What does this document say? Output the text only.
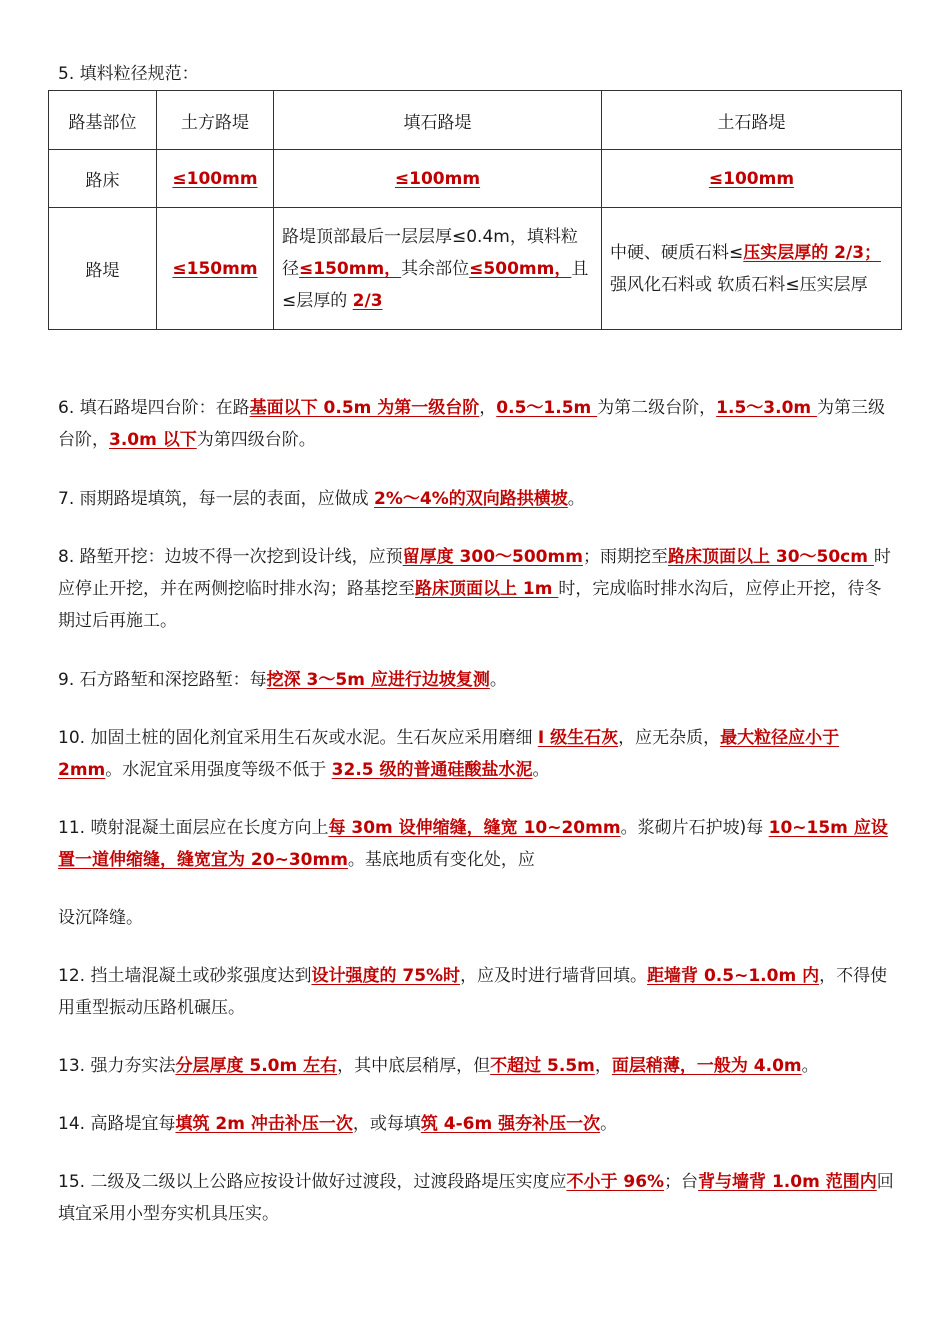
5. 填料粒径规范：
路基部位	土方路堤	填石路堤	土石路堤
路床	≤100mm	≤100mm	≤100mm
路堤	≤150mm	路堤顶部最后一层层厚≤0.4m，填料粒径≤150mm，其余部位≤500mm，且≤层厚的 2/3	中硬、硬质石料≤压实层厚的 2/3；强风化石料或 软质石料≤压实层厚
6. 填石路堤四台阶：在路基面以下 0.5m 为第一级台阶，0.5～1.5m 为第二级台阶，1.5～3.0m 为第三级台阶，3.0m 以下为第四级台阶。
7. 雨期路堤填筑，每一层的表面，应做成 2%～4%的双向路拱横坡。
8. 路堑开挖：边坡不得一次挖到设计线，应预留厚度 300～500mm；雨期挖至路床顶面以上 30～50cm 时应停止开挖，并在两侧挖临时排水沟；路基挖至路床顶面以上 1m 时，完成临时排水沟后，应停止开挖，待冬期过后再施工。
9. 石方路堑和深挖路堑：每挖深 3～5m 应进行边坡复测。
10. 加固土桩的固化剂宜采用生石灰或水泥。生石灰应采用磨细 I 级生石灰，应无杂质，最大粒径应小于 2mm。水泥宜采用强度等级不低于 32.5 级的普通硅酸盐水泥。
11. 喷射混凝土面层应在长度方向上每 30m 设伸缩缝，缝宽 10~20mm。浆砌片石护坡)每 10~15m 应设置一道伸缩缝，缝宽宜为 20~30mm。基底地质有变化处，应
设沉降缝。
12. 挡土墙混凝土或砂浆强度达到设计强度的 75%时，应及时进行墙背回填。距墙背 0.5~1.0m 内，不得使用重型振动压路机碾压。
13. 强力夯实法分层厚度 5.0m 左右，其中底层稍厚，但不超过 5.5m，面层稍薄，一般为 4.0m。
14. 高路堤宜每填筑 2m 冲击补压一次，或每填筑 4-6m 强夯补压一次。
15. 二级及二级以上公路应按设计做好过渡段，过渡段路堤压实度应不小于 96%；台背与墙背 1.0m 范围内回填宜采用小型夯实机具压实。
